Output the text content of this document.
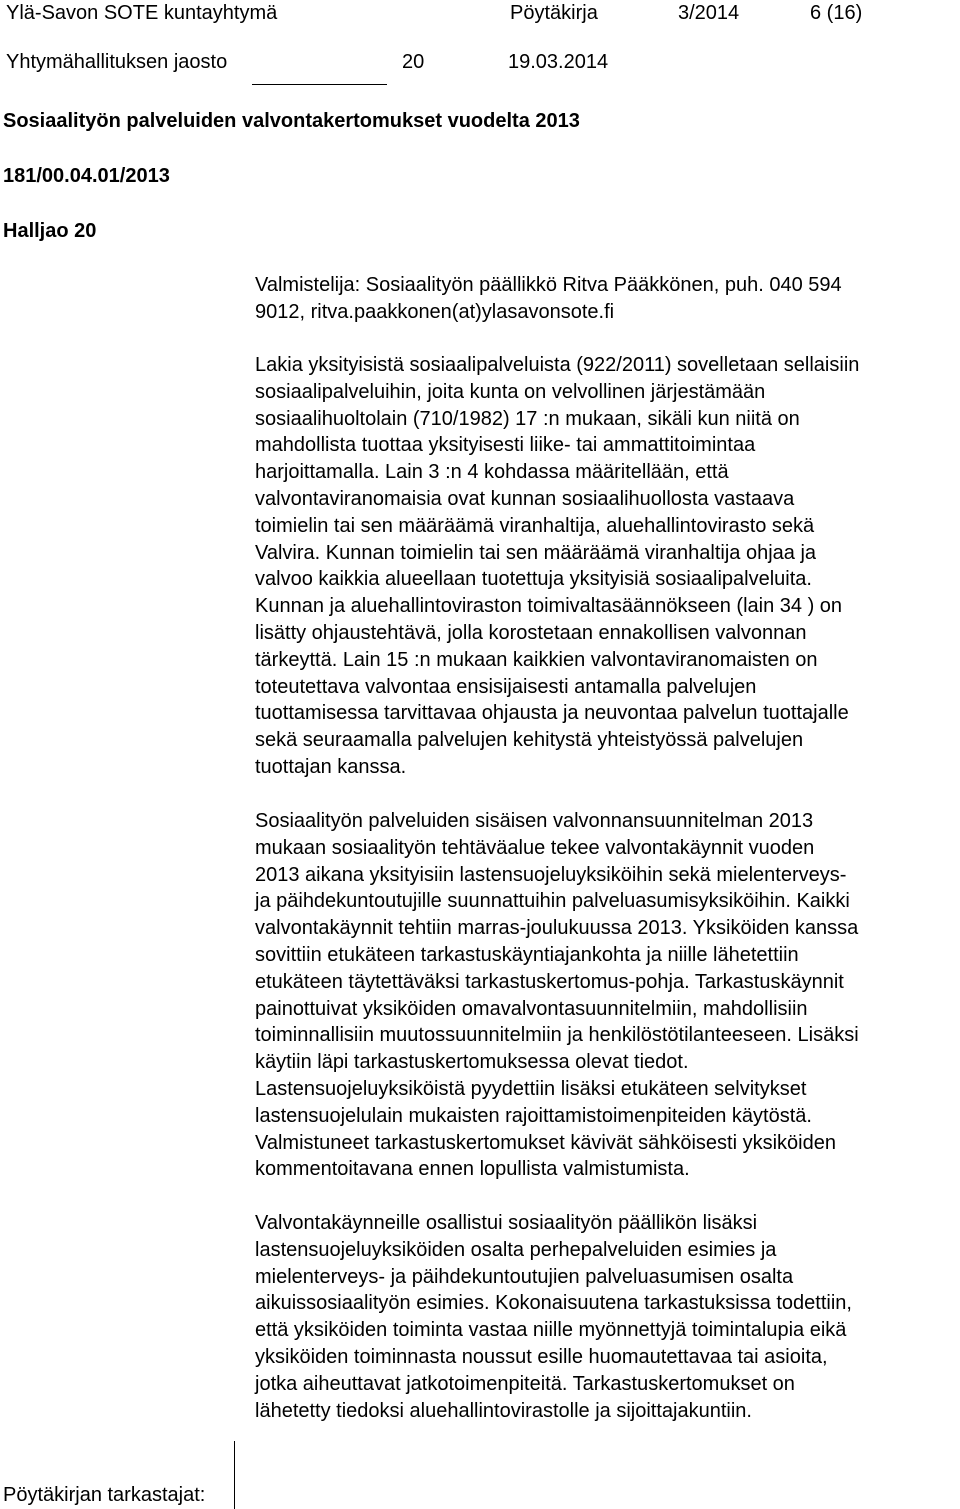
Ylä-Savon SOTE kuntayhtymä	Pöytäkirja	3/2014	6 (16)
Yhtymähallituksen jaosto	20	19.03.2014
Sosiaalityön palveluiden valvontakertomukset vuodelta 2013
181/00.04.01/2013
Halljao 20
Valmistelija: Sosiaalityön päällikkö Ritva Pääkkönen, puh. 040 594
9012, ritva.paakkonen(at)ylasavonsote.fi
Lakia yksityisistä sosiaalipalveluista (922/2011) sovelletaan sellaisiin
sosiaalipalveluihin, joita kunta on velvollinen järjestämään
sosiaalihuoltolain (710/1982) 17 :n mukaan, sikäli kun niitä on
mahdollista tuottaa yksityisesti liike- tai ammattitoimintaa
harjoittamalla. Lain 3 :n 4 kohdassa määritellään, että
valvontaviranomaisia ovat kunnan sosiaalihuollosta vastaava
toimielin tai sen määräämä viranhaltija, aluehallintovirasto sekä
Valvira. Kunnan toimielin tai sen määräämä viranhaltija ohjaa ja
valvoo kaikkia alueellaan tuotettuja yksityisiä sosiaalipalveluita.
Kunnan ja aluehallintoviraston toimivaltasäännökseen (lain 34 ) on
lisätty ohjaustehtävä, jolla korostetaan ennakollisen valvonnan
tärkeyttä. Lain 15 :n mukaan kaikkien valvontaviranomaisten on
toteutettava valvontaa ensisijaisesti antamalla palvelujen
tuottamisessa tarvittavaa ohjausta ja neuvontaa palvelun tuottajalle
sekä seuraamalla palvelujen kehitystä yhteistyössä palvelujen
tuottajan kanssa.
Sosiaalityön palveluiden sisäisen valvonnansuunnitelman 2013
mukaan sosiaalityön tehtäväalue tekee valvontakäynnit vuoden
2013 aikana yksityisiin lastensuojeluyksiköihin sekä mielenterveys-
ja päihdekuntoutujille suunnattuihin palveluasumisyksiköihin. Kaikki
valvontakäynnit tehtiin marras-joulukuussa 2013. Yksiköiden kanssa
sovittiin etukäteen tarkastuskäyntiajankohta ja niille lähetettiin
etukäteen täytettäväksi tarkastuskertomus-pohja. Tarkastuskäynnit
painottuivat yksiköiden omavalvontasuunnitelmiin, mahdollisiin
toiminnallisiin muutossuunnitelmiin ja henkilöstötilanteeseen. Lisäksi
käytiin läpi tarkastuskertomuksessa olevat tiedot.
Lastensuojeluyksiköistä pyydettiin lisäksi etukäteen selvitykset
lastensuojelulain mukaisten rajoittamistoimenpiteiden käytöstä.
Valmistuneet tarkastuskertomukset kävivät sähköisesti yksiköiden
kommentoitavana ennen lopullista valmistumista.
Valvontakäynneille osallistui sosiaalityön päällikön lisäksi
lastensuojeluyksiköiden osalta perhepalveluiden esimies ja
mielenterveys- ja päihdekuntoutujien palveluasumisen osalta
aikuissosiaalityön esimies. Kokonaisuutena tarkastuksissa todettiin,
että yksiköiden toiminta vastaa niille myönnettyjä toimintalupia eikä
yksiköiden toiminnasta noussut esille huomautettavaa tai asioita,
jotka aiheuttavat jatkotoimenpiteitä. Tarkastuskertomukset on
lähetetty tiedoksi aluehallintovirastolle ja sijoittajakuntiin.
Pöytäkirjan tarkastajat:
